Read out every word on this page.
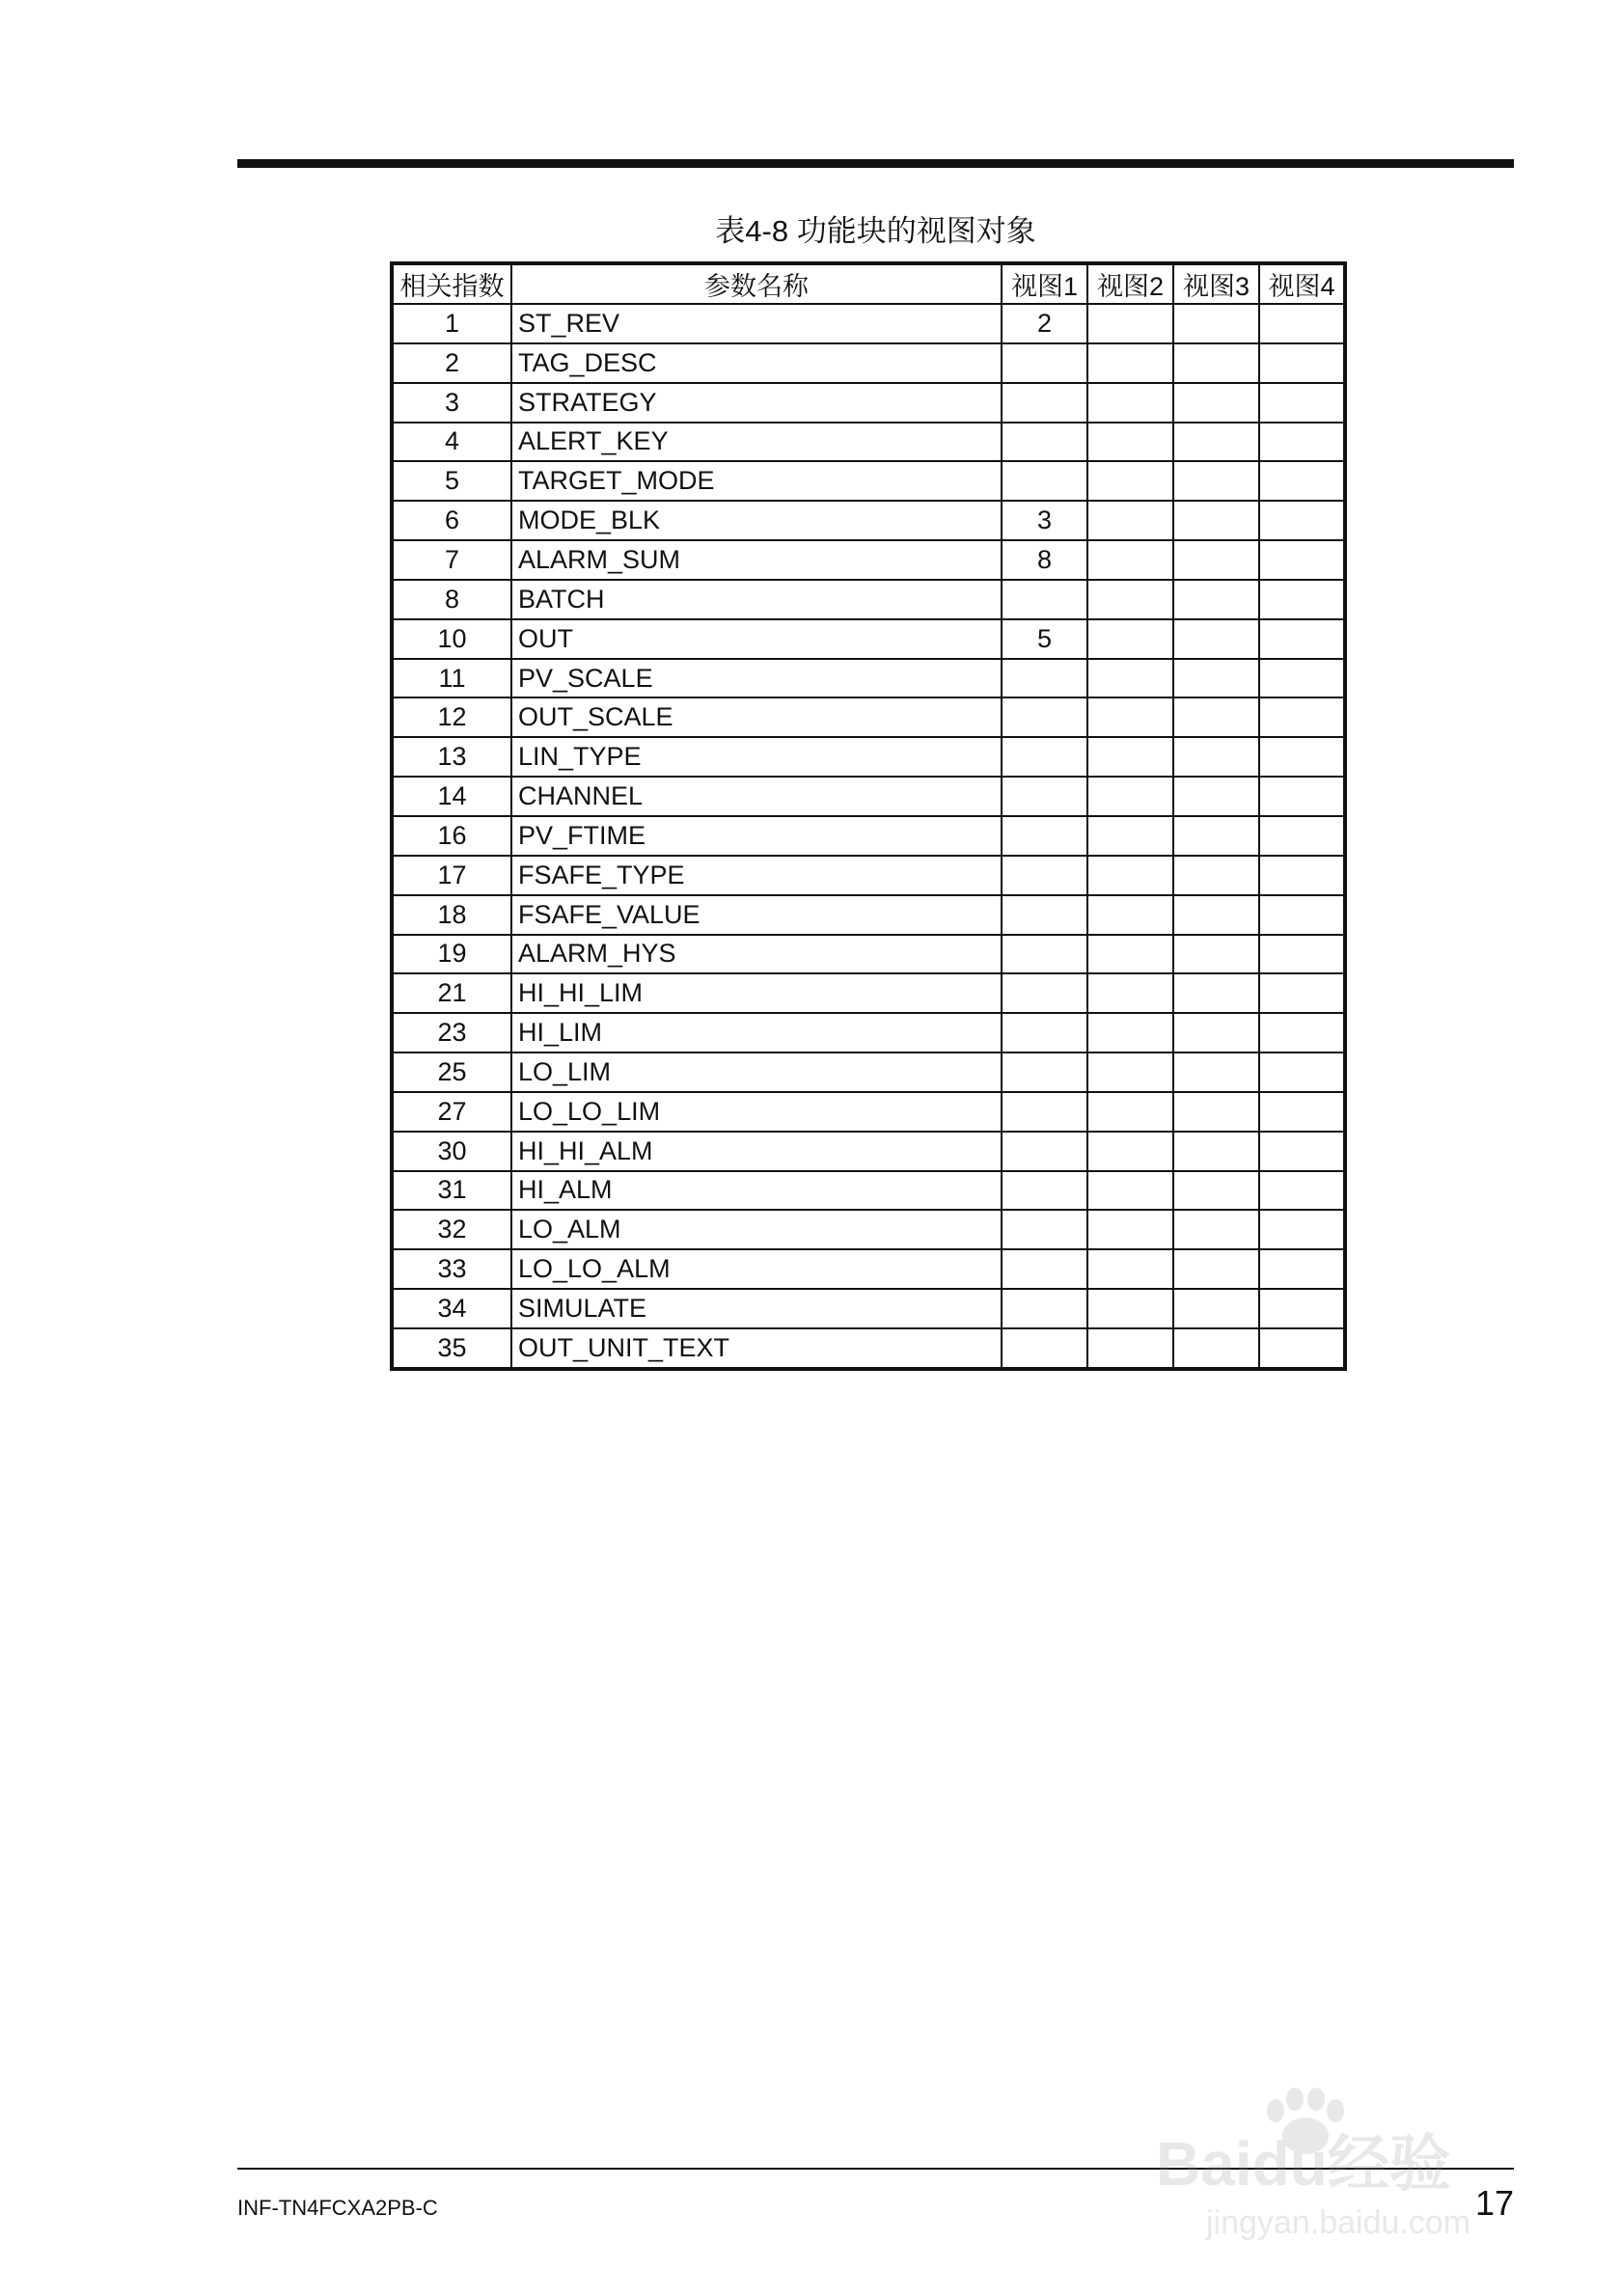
表4-8 功能块的视图对象
相关指数	参数名称	视图1	视图2	视图3	视图4
1	ST_REV	2			
2	TAG_DESC				
3	STRATEGY				
4	ALERT_KEY				
5	TARGET_MODE				
6	MODE_BLK	3			
7	ALARM_SUM	8			
8	BATCH				
10	OUT	5			
11	PV_SCALE				
12	OUT_SCALE				
13	LIN_TYPE				
14	CHANNEL				
16	PV_FTIME				
17	FSAFE_TYPE				
18	FSAFE_VALUE				
19	ALARM_HYS				
21	HI_HI_LIM				
23	HI_LIM				
25	LO_LIM				
27	LO_LO_LIM				
30	HI_HI_ALM				
31	HI_ALM				
32	LO_ALM				
33	LO_LO_ALM				
34	SIMULATE				
35	OUT_UNIT_TEXT				
INF-TN4FCXA2PB-C	17
Baidu经验
jingyan.baidu.com
